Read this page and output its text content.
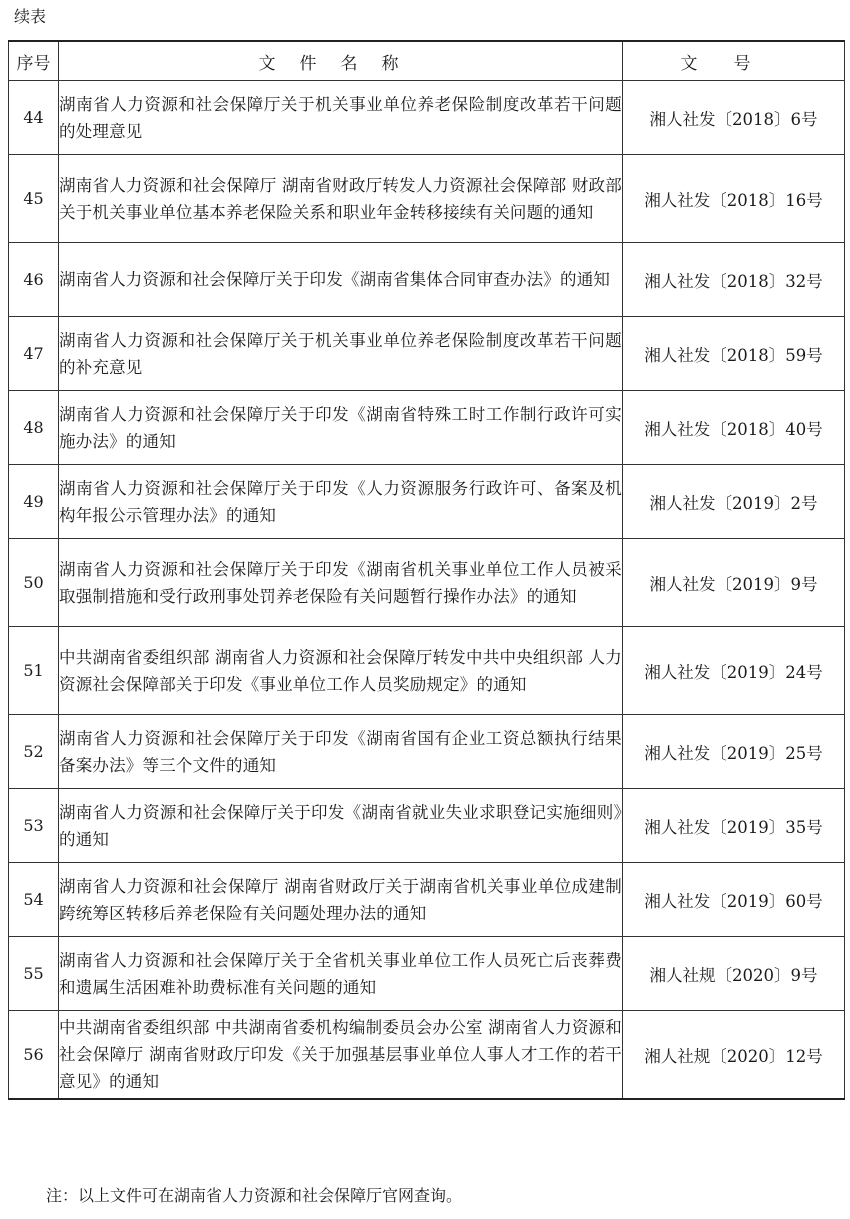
续表
序号	文件名称	文号
44	湖南省人力资源和社会保障厅关于机关事业单位养老保险制度改革若干问题的处理意见	湘人社发〔2018〕6号
45	湖南省人力资源和社会保障厅 湖南省财政厅转发人力资源社会保障部 财政部关于机关事业单位基本养老保险关系和职业年金转移接续有关问题的通知	湘人社发〔2018〕16号
46	湖南省人力资源和社会保障厅关于印发《湖南省集体合同审查办法》的通知	湘人社发〔2018〕32号
47	湖南省人力资源和社会保障厅关于机关事业单位养老保险制度改革若干问题的补充意见	湘人社发〔2018〕59号
48	湖南省人力资源和社会保障厅关于印发《湖南省特殊工时工作制行政许可实施办法》的通知	湘人社发〔2018〕40号
49	湖南省人力资源和社会保障厅关于印发《人力资源服务行政许可、备案及机构年报公示管理办法》的通知	湘人社发〔2019〕2号
50	湖南省人力资源和社会保障厅关于印发《湖南省机关事业单位工作人员被采取强制措施和受行政刑事处罚养老保险有关问题暂行操作办法》的通知	湘人社发〔2019〕9号
51	中共湖南省委组织部 湖南省人力资源和社会保障厅转发中共中央组织部 人力资源社会保障部关于印发《事业单位工作人员奖励规定》的通知	湘人社发〔2019〕24号
52	湖南省人力资源和社会保障厅关于印发《湖南省国有企业工资总额执行结果备案办法》等三个文件的通知	湘人社发〔2019〕25号
53	湖南省人力资源和社会保障厅关于印发《湖南省就业失业求职登记实施细则》的通知	湘人社发〔2019〕35号
54	湖南省人力资源和社会保障厅 湖南省财政厅关于湖南省机关事业单位成建制跨统筹区转移后养老保险有关问题处理办法的通知	湘人社发〔2019〕60号
55	湖南省人力资源和社会保障厅关于全省机关事业单位工作人员死亡后丧葬费和遗属生活困难补助费标准有关问题的通知	湘人社规〔2020〕9号
56	中共湖南省委组织部 中共湖南省委机构编制委员会办公室 湖南省人力资源和社会保障厅 湖南省财政厅印发《关于加强基层事业单位人事人才工作的若干意见》的通知	湘人社规〔2020〕12号
注：以上文件可在湖南省人力资源和社会保障厅官网查询。
